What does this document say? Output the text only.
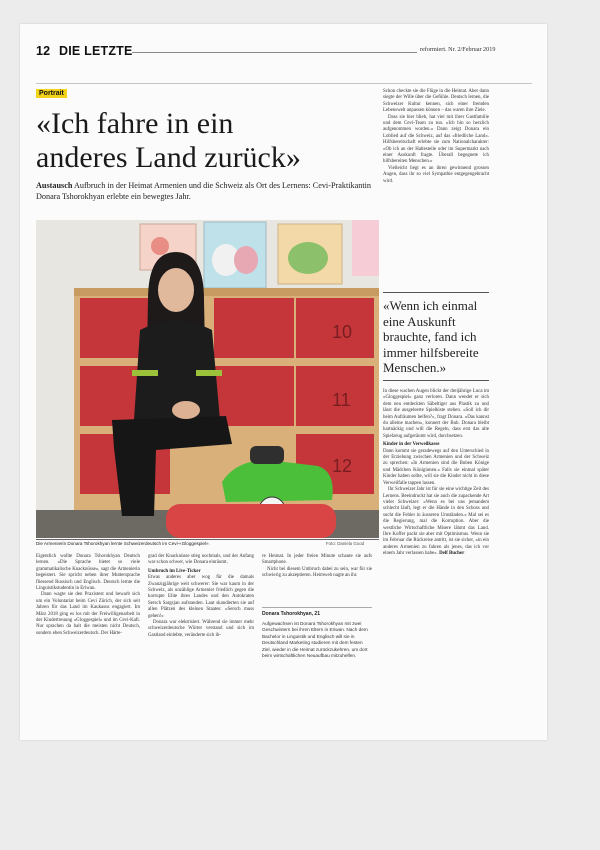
12 DIE LETZTE	reformiert. Nr. 2/Februar 2019
Portrait
«Ich fahre in ein
anderes Land zurück»
Austausch Aufbruch in der Heimat Armenien und die Schweiz als Ort des Lernens: Cevi-Praktikantin Donara Tshorokhyan erlebte ein bewegtes Jahr.
10
11
12
Die Armenierin Donara Tshorokhyan lernte Schweizerdeutsch im Cevi-«Gloggespiel».	Foto: Daniela Good

Eigentlich wollte Donara Tshorokhyan Deutsch lernen. «Die Sprache bietet so viele grammatikalische Knacknüsse», sagt die Armenierin begeistert. Sie spricht neben ihrer Muttersprache fliessend Russisch und Englisch. Deutsch lernte die Linguistikstudentin in Eriwan.

Dann wagte sie den Praxistest und bewarb sich um ein Volontariat beim Cevi Zürich, der sich seit Jahren für das Land im Kaukasus engagiert. Im März 2018 ging es los mit der Freiwilligenarbeit in der Kindertreuung «Gloggespiel» und im Cevi-Kafi. Nur sprachen da halt die meisten nicht Deutsch, sondern eben Schweizerdeutsch. Der Härte-

grad der Knacknüsse stieg nochmals, und der Anfang war schon schwer, wie Donara einräumt.

Umbruch im Live-Ticker

Etwas anderes aber wog für die damals Zwanzigjährige weit schwerer: Sie war kaum in der Schweiz, als unzählige Armenier friedlich gegen die korrupte Elite ihres Landes und den Autokraten Sersch Sargsjan aufstanden. Laut skandierten sie auf allen Plätzen des kleinen Staates: «Sersch muss gehen!»

Donara war elektrisiert. Während sie immer mehr schweizerdeutsche Wörter verstand und sich im Gastland einlebte, veränderte sich ih-

re Heimat. In jeder freien Minute schaute sie aufs Smartphone.

Nicht bei diesem Umbruch dabei zu sein, war für sie schwierig zu akzeptieren. Heimweh nagte an ihr.

Donara Tshorokhyan, 21
Aufgewachsen ist Donara Tshorokhyan mit zwei Geschwistern bei ihren Eltern in Eriwan. Nach dem Bachelor in Linguistik und Englisch will sie in Deutschland Marketing studieren mit dem festen Ziel, wieder in die Heimat zurückzukehren, um dort beim wirtschaftlichen Neuaufbau mitzuhelfen.

Schon checkte sie die Flüge in die Heimat. Aber dann siegte der Wille über die Gefühle. Deutsch lernen, die Schweizer Kultur kennen, sich einer fremden Lebenswelt anpassen können – das waren ihre Ziele.

Dass sie hier blieb, hat viel mit ihrer Gastfamilie und dem Cevi-Team zu tun. «Ich bin so herzlich aufgenommen worden.» Dann zeigt Donara ein Loblied auf die Schweiz, auf das «friedliche Land». Hilfsbereitschaft erlebte sie zum Nationalcharakter: «Ob ich an der Haltestelle oder im Supermarkt nach einer Auskunft fragte. Überall begegnete ich hilfsbereiten Menschen.»

Vielleicht liegt es an ihren gewinnend grossen Augen, dass ihr so viel Sympathie entgegengebracht wird.

«Wenn ich einmal eine Auskunft brauchte, fand ich immer hilfsbereite Menschen.»

In diese wachen Augen blickt der dreijährige Luca im «Gloggespiel» ganz verloren. Dann wendet er sich dem neu entdeckten Säbeltiger aus Plastik zu und lässt die ausgeleerte Spielkiste stehen. «Soll ich dir beim Aufräumen helfen?», fragt Donara. «Das kannst du alleine machen», konnert der Bub. Donara bleibt hartnäckig und will die Regeln, dass erst das alte Spielzeug aufgeräumt wird, durchsetzen.

Kinder in der Verweilkasse

Dann kommt sie geradewegs auf den Unterschied in der Erziehung zwischen Armenien und der Schweiz zu sprechen: «In Armenien sind die Buben Könige und Mädchen Königinnen.» Falls sie einmal später Kinder haben sollte, will sie die Kinder nicht in diese Verweilfalle tappen lassen.

Ihr Schweizer Jahr ist für sie eine wichtige Zeit des Lernens. Beeindruckt hat sie auch die zupackende Art vieler Schweizer: «Wenn es bei uns jemandem schlecht läuft, legt er die Hände in den Schoss und sucht die Fehler in äusseren Umständen.» Mal sei es die Regierung, mal die Korruption. Aber die westliche Wirtschaftliche Misere lähmt das Land. Ihre Koffer packt sie aber mit Optimismus. Wenn sie im Februar die Rückreise antritt, ist sie sicher, «in ein anderes Armenien zu fahren als jenes, das ich vor einem Jahr verlassen habe». Delf Bucher
